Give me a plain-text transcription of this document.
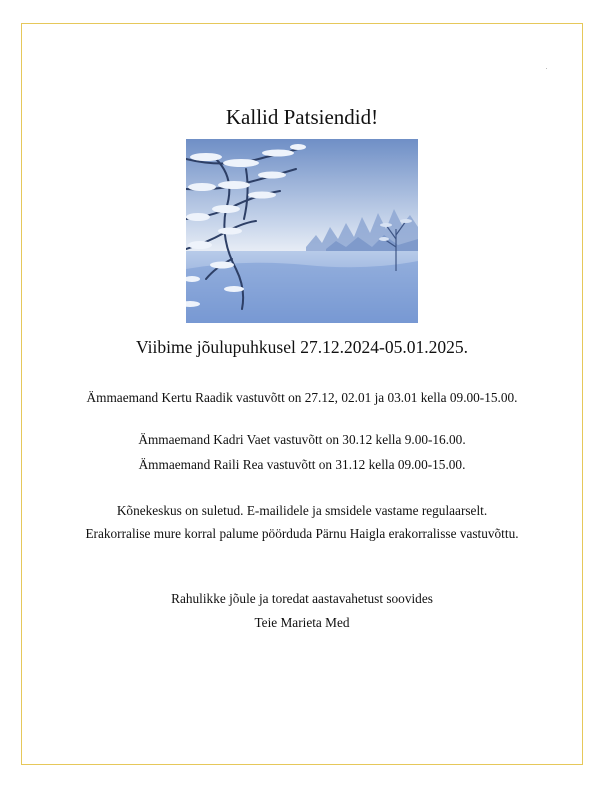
Kallid Patsiendid!

Viibime jõulupuhkusel 27.12.2024-05.01.2025.

Ämmaemand Kertu Raadik vastuvõtt on 27.12, 02.01 ja 03.01 kella 09.00-15.00.

Ämmaemand Kadri Vaet vastuvõtt on 30.12 kella 9.00-16.00.

Ämmaemand Raili Rea vastuvõtt on 31.12 kella 09.00-15.00.

Kõnekeskus on suletud. E-mailidele ja smsidele vastame regulaarselt.

Erakorralise mure korral palume pöörduda Pärnu Haigla erakorralisse vastuvõttu.

Rahulikke jõule ja toredat aastavahetust soovides

Teie Marieta Med
